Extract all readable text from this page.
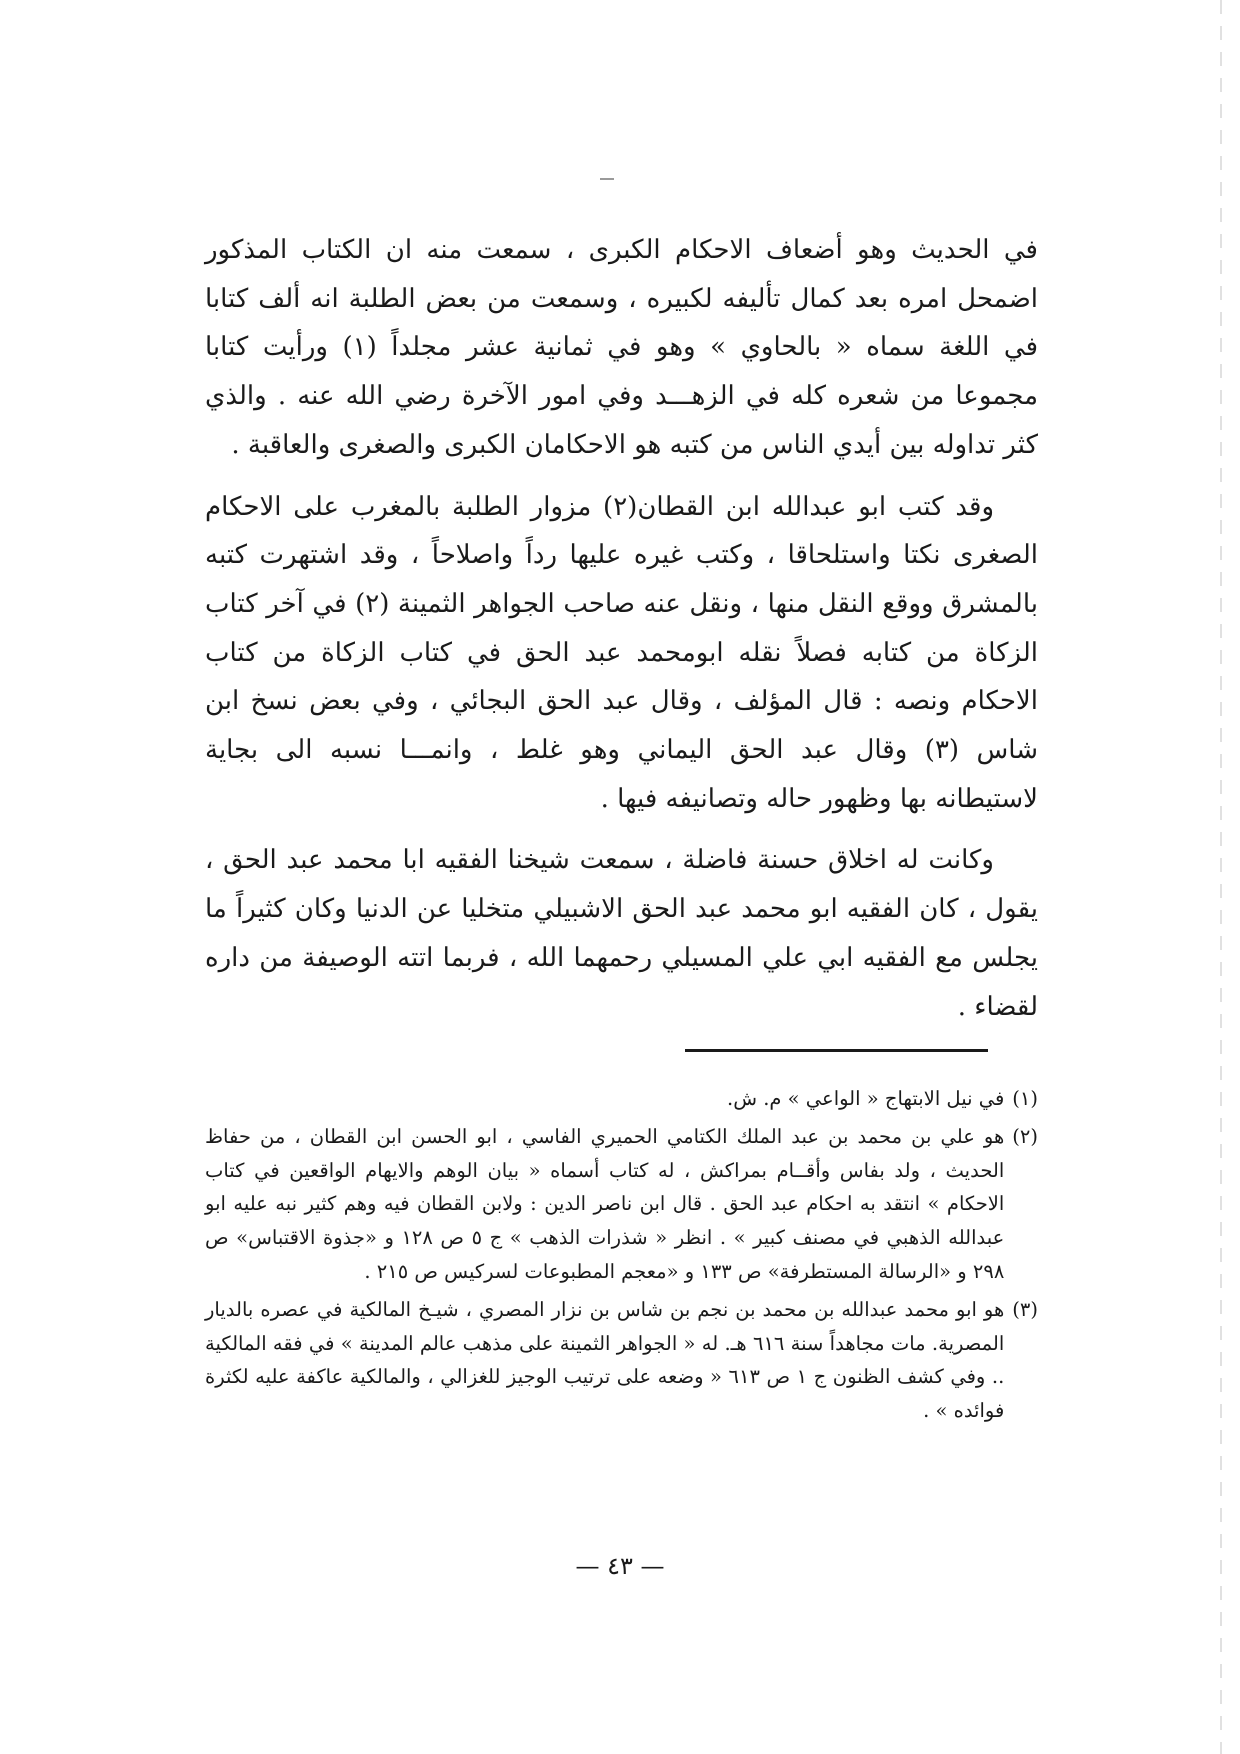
في الحديث وهو أضعاف الاحكام الكبرى ، سمعت منه ان الكتاب المذكور اضمحل امره بعد كمال تأليفه لكبيره ، وسمعت من بعض الطلبة انه ألف كتابا في اللغة سماه « بالحاوي » وهو في ثمانية عشر مجلداً (١) ورأيت كتابا مجموعا من شعره كله في الزهـــد وفي امور الآخرة رضي الله عنه . والذي كثر تداوله بين أيدي الناس من كتبه هو الاحكامان الكبرى والصغرى والعاقبة .

وقد كتب ابو عبدالله ابن القطان(٢) مزوار الطلبة بالمغرب على الاحكام الصغرى نكتا واستلحاقا ، وكتب غيره عليها رداً واصلاحاً ، وقد اشتهرت كتبه بالمشرق ووقع النقل منها ، ونقل عنه صاحب الجواهر الثمينة (٢) في آخر كتاب الزكاة من كتابه فصلاً نقله ابومحمد عبد الحق في كتاب الزكاة من كتاب الاحكام ونصه : قال المؤلف ، وقال عبد الحق البجائي ، وفي بعض نسخ ابن شاس (٣) وقال عبد الحق اليماني وهو غلط ، وانمـــا نسبه الى بجاية لاستيطانه بها وظهور حاله وتصانيفه فيها .

وكانت له اخلاق حسنة فاضلة ، سمعت شيخنا الفقيه ابا محمد عبد الحق ، يقول ، كان الفقيه ابو محمد عبد الحق الاشبيلي متخليا عن الدنيا وكان كثيراً ما يجلس مع الفقيه ابي علي المسيلي رحمهما الله ، فربما اتته الوصيفة من داره لقضاء .

(١)
في نيل الابتهاج « الواعي » م. ش.
(٢)
هو علي بن محمد بن عبد الملك الكتامي الحميري الفاسي ، ابو الحسن ابن القطان ، من حفاظ الحديث ، ولد بفاس وأقــام بمراكش ، له كتاب أسماه « بيان الوهم والايهام الواقعين في كتاب الاحكام » انتقد به احكام عبد الحق . قال ابن ناصر الدين : ولابن القطان فيه وهم كثير نبه عليه ابو عبدالله الذهبي في مصنف كبير » . انظر « شذرات الذهب » ج ٥ ص ١٢٨ و «جذوة الاقتباس» ص ٢٩٨ و «الرسالة المستطرفة» ص ١٣٣ و «معجم المطبوعات لسركيس ص ٢١٥ .
(٣)
هو ابو محمد عبدالله بن محمد بن نجم بن شاس بن نزار المصري ، شيـخ المالكية في عصره بالديار المصرية. مات مجاهداً سنة ٦١٦ هـ. له « الجواهر الثمينة على مذهب عالم المدينة » في فقه المالكية .. وفي كشف الظنون ج ١ ص ٦١٣ « وضعه على ترتيب الوجيز للغزالي ، والمالكية عاكفة عليه لكثرة فوائده » .
— ٤٣ —
